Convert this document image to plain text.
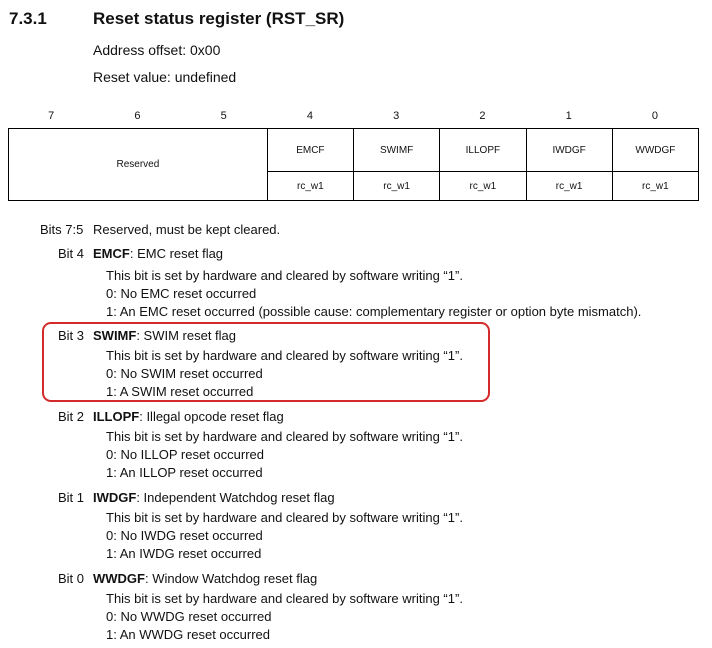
7.3.1	Reset status register (RST_SR)
Address offset: 0x00
Reset value: undefined
7	6	5	4	3	2	1	0
Reserved	EMCF	SWIMF	ILLOPF	IWDGF	WWDGF
	rc_w1	rc_w1	rc_w1	rc_w1	rc_w1
Bits 7:5 Reserved, must be kept cleared.
Bit 4 EMCF: EMC reset flag
This bit is set by hardware and cleared by software writing “1”.
0: No EMC reset occurred
1: An EMC reset occurred (possible cause: complementary register or option byte mismatch).
Bit 3 SWIMF: SWIM reset flag
This bit is set by hardware and cleared by software writing “1”.
0: No SWIM reset occurred
1: A SWIM reset occurred
Bit 2 ILLOPF: Illegal opcode reset flag
This bit is set by hardware and cleared by software writing “1”.
0: No ILLOP reset occurred
1: An ILLOP reset occurred
Bit 1 IWDGF: Independent Watchdog reset flag
This bit is set by hardware and cleared by software writing “1”.
0: No IWDG reset occurred
1: An IWDG reset occurred
Bit 0 WWDGF: Window Watchdog reset flag
This bit is set by hardware and cleared by software writing “1”.
0: No WWDG reset occurred
1: An WWDG reset occurred
